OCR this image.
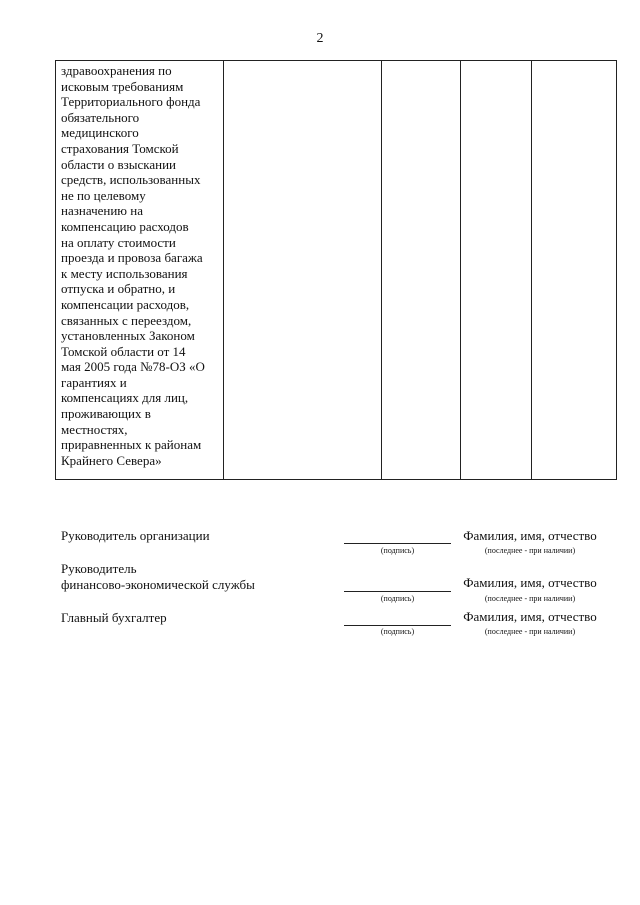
2
здравоохранения по
исковым требованиям
Территориального фонда
обязательного
медицинского
страхования Томской
области о взыскании
средств, использованных
не по целевому
назначению на
компенсацию расходов
на оплату стоимости
проезда и провоза багажа
к месту использования
отпуска и обратно, и
компенсации расходов,
связанных с переездом,
установленных Законом
Томской области от 14
мая 2005 года №78-ОЗ «О
гарантиях и
компенсациях для лиц,
проживающих в
местностях,
приравненных к районам
Крайнего Севера»

Руководитель организации
(подпись)
Фамилия, имя, отчество
(последнее - при наличии)
Руководитель
финансово-экономической службы
(подпись)
Фамилия, имя, отчество
(последнее - при наличии)
Главный бухгалтер
(подпись)
Фамилия, имя, отчество
(последнее - при наличии)
